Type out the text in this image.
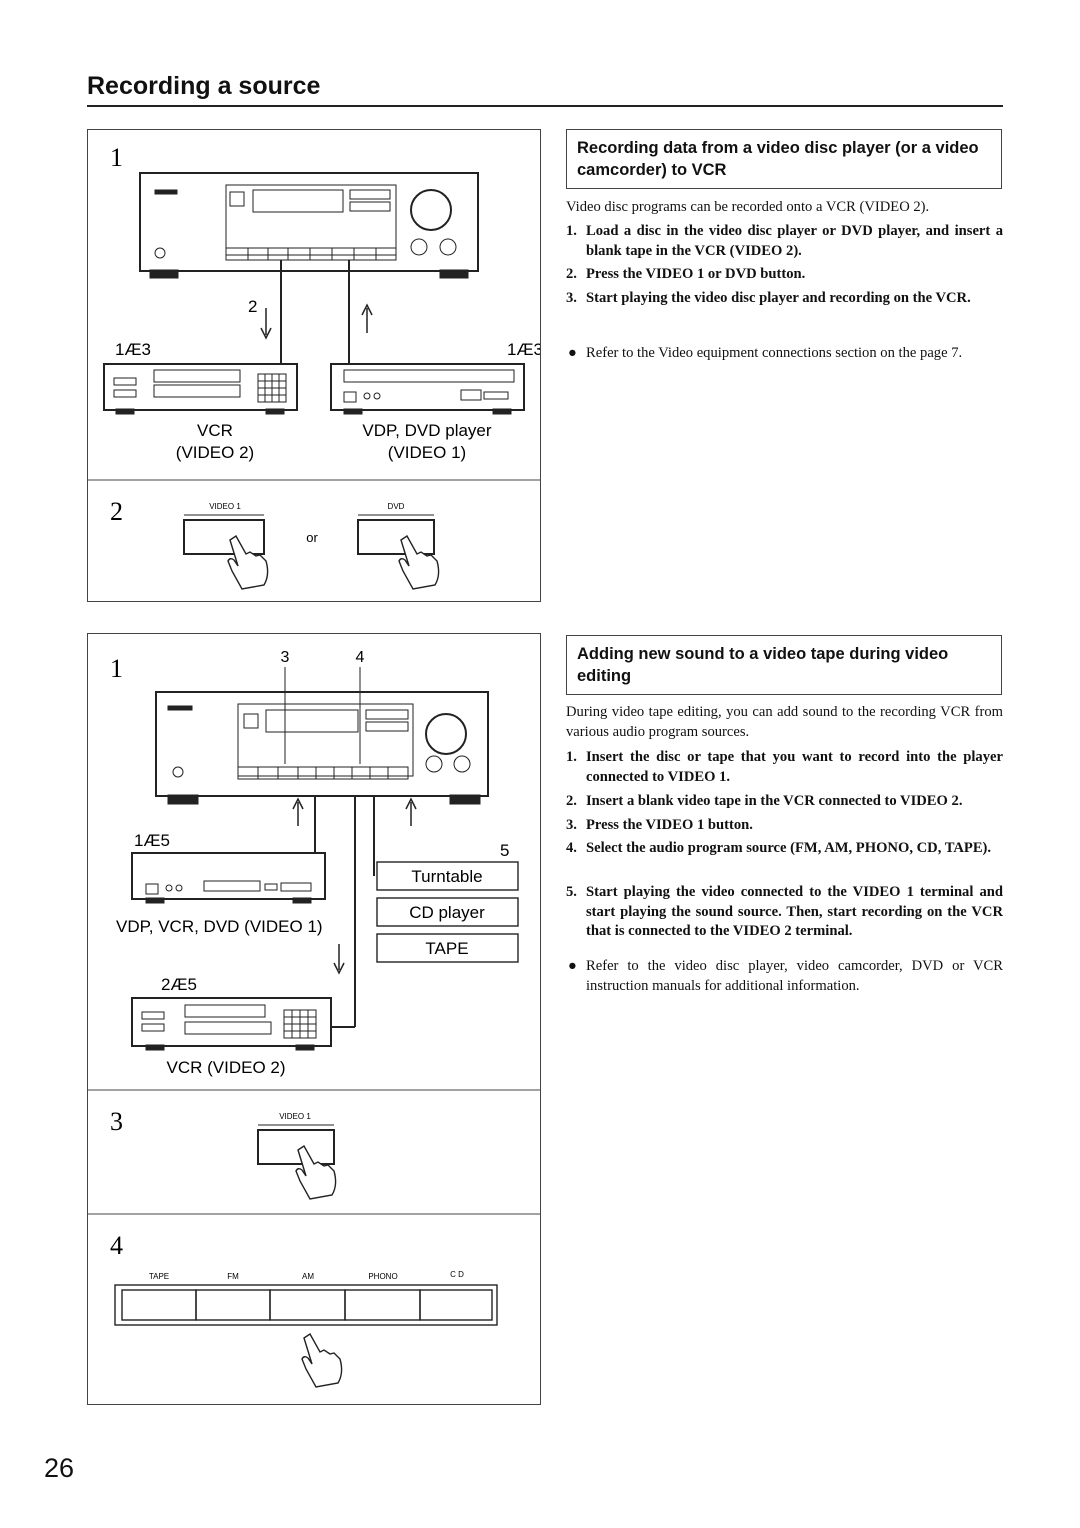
Recording a source
1
2
1Æ3	1Æ3
VCR
(VIDEO 2)
VDP, DVD player
(VIDEO 1)
2	VIDEO 1	DVD
or
1	3	4
1Æ5
5
Turntable
CD player
TAPE
VDP, VCR, DVD (VIDEO 1)
2Æ5
VCR (VIDEO 2)
3	VIDEO 1
4
TAPE	FM	AM	PHONO	C D
Recording data from a video disc player (or a video camcorder) to VCR
Video disc programs can be recorded onto a VCR (VIDEO 2).
1. Load a disc in the video disc player or DVD player, and insert a blank tape in the VCR (VIDEO 2).
2. Press the VIDEO 1 or DVD button.
3. Start playing the video disc player and recording on the VCR.
● Refer to the Video equipment connections section on the page 7.
Adding new sound to a video tape during video editing
During video tape editing, you can add sound to the recording VCR from various audio program sources.
1. Insert the disc or tape that you want to record into the player connected to VIDEO 1.
2. Insert a blank video tape in the VCR connected to VIDEO 2.
3. Press the VIDEO 1 button.
4. Select the audio program source (FM, AM, PHONO, CD, TAPE).
5. Start playing the video connected to the VIDEO 1 terminal and start playing the sound source. Then, start recording on the VCR that is connected to the VIDEO 2 terminal.
● Refer to the video disc player, video camcorder, DVD or VCR instruction manuals for additional information.
26
